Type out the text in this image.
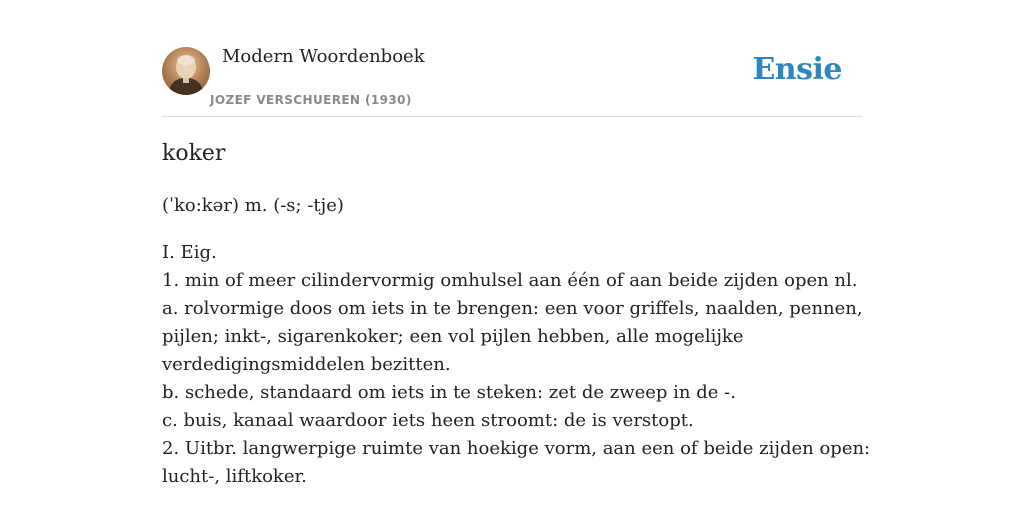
Modern Woordenboek
JOZEF VERSCHUEREN (1930)
Ensie
koker
(ˈko:kər) m. (-s; -tje)
I. Eig.
1. min of meer cilindervormig omhulsel aan één of aan beide zijden open nl.
a. rolvormige doos om iets in te brengen: een voor griffels, naalden, pennen,
pijlen; inkt-, sigarenkoker; een vol pijlen hebben, alle mogelijke
verdedigingsmiddelen bezitten.
b. schede, standaard om iets in te steken: zet de zweep in de -.
c. buis, kanaal waardoor iets heen stroomt: de is verstopt.
2. Uitbr. langwerpige ruimte van hoekige vorm, aan een of beide zijden open:
lucht-, liftkoker.
